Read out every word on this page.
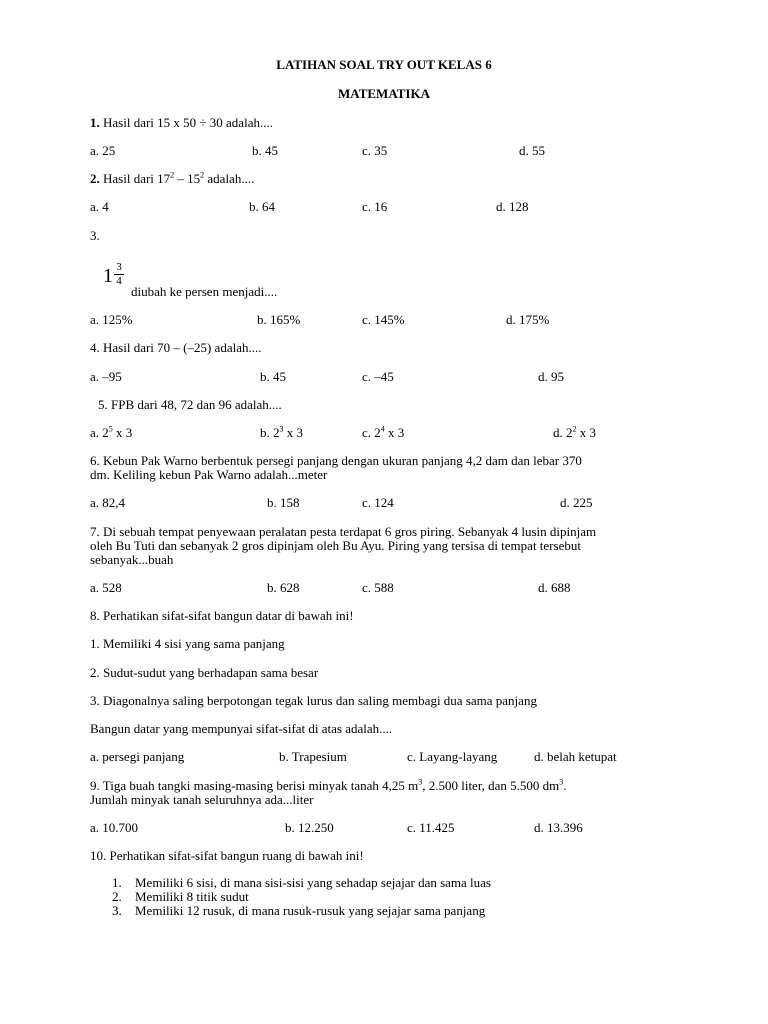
LATIHAN SOAL TRY OUT KELAS 6
MATEMATIKA
1. Hasil dari 15 x 50 ÷ 30 adalah....
a. 25	b. 45	c. 35	d. 55
2. Hasil dari $17^2 - 15^2$ adalah....
a. 4	b. 64	c. 16	d. 128
3.
1 3
4
diubah ke persen menjadi....
a. 125%	b. 165%	c. 145%	d. 175%
4. Hasil dari 70 – (–25) adalah....
a. –95	b. 45	c. –45	d. 95
5. FPB dari 48, 72 dan 96 adalah....
a. $2^5$ x 3	b. $2^3$ x 3	c. $2^4$ x 3	d. $2^2$ x 3
6. Kebun Pak Warno berbentuk persegi panjang dengan ukuran panjang 4,2 dam dan lebar 370
dm. Keliling kebun Pak Warno adalah...meter
a. 82,4	b. 158	c. 124	d. 225
7. Di sebuah tempat penyewaan peralatan pesta terdapat 6 gros piring. Sebanyak 4 lusin dipinjam
oleh Bu Tuti dan sebanyak 2 gros dipinjam oleh Bu Ayu. Piring yang tersisa di tempat tersebut
sebanyak...buah
a. 528	b. 628	c. 588	d. 688
8. Perhatikan sifat-sifat bangun datar di bawah ini!
1. Memiliki 4 sisi yang sama panjang
2. Sudut-sudut yang berhadapan sama besar
3. Diagonalnya saling berpotongan tegak lurus dan saling membagi dua sama panjang
Bangun datar yang mempunyai sifat-sifat di atas adalah....
a. persegi panjang	b. Trapesium	c. Layang-layang	d. belah ketupat
9. Tiga buah tangki masing-masing berisi minyak tanah 4,25 $m^3$, 2.500 liter, dan 5.500 $dm^3$.
Jumlah minyak tanah seluruhnya ada...liter
a. 10.700	b. 12.250	c. 11.425	d. 13.396
10. Perhatikan sifat-sifat bangun ruang di bawah ini!
1. Memiliki 6 sisi, di mana sisi-sisi yang sehadap sejajar dan sama luas
2. Memiliki 8 titik sudut
3. Memiliki 12 rusuk, di mana rusuk-rusuk yang sejajar sama panjang
